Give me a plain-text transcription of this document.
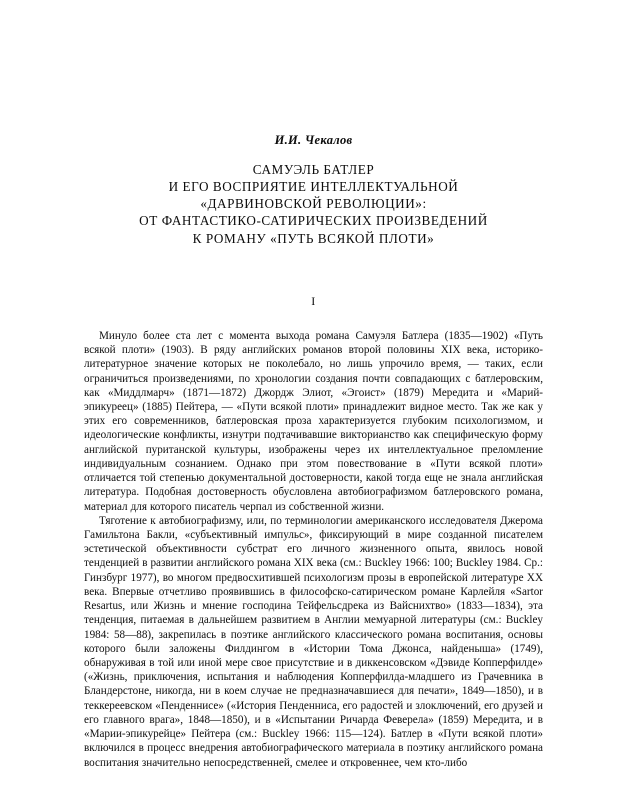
И.И. Чекалов
САМУЭЛЬ БАТЛЕР
И ЕГО ВОСПРИЯТИЕ ИНТЕЛЛЕКТУАЛЬНОЙ
«ДАРВИНОВСКОЙ РЕВОЛЮЦИИ»:
ОТ ФАНТАСТИКО-САТИРИЧЕСКИХ ПРОИЗВЕДЕНИЙ
К РОМАНУ «ПУТЬ ВСЯКОЙ ПЛОТИ»
I

Минуло более ста лет с момента выхода романа Самуэля Батлера (1835—1902) «Путь всякой плоти» (1903). В ряду английских романов второй половины XIX века, историко-литературное значение которых не поколебало, но лишь упрочило время, — таких, если ограничиться произведениями, по хронологии создания почти совпадающих с батлеровским, как «Миддлмарч» (1871—1872) Джордж Элиот, «Эгоист» (1879) Мередита и «Марий-эпикуреец» (1885) Пейтера, — «Пути всякой плоти» принадлежит видное место. Так же как у этих его современников, батлеровская проза характеризуется глубоким психологизмом, и идеологические конфликты, изнутри подтачивавшие викторианство как специфическую форму английской пуританской культуры, изображены через их интеллектуальное преломление индивидуальным сознанием. Однако при этом повествование в «Пути всякой плоти» отличается той степенью документальной достоверности, какой тогда еще не знала английская литература. Подобная достоверность обусловлена автобиографизмом батлеровского романа, материал для которого писатель черпал из собственной жизни.

Тяготение к автобиографизму, или, по терминологии американского исследователя Джерома Гамильтона Бакли, «субъективный импульс», фиксирующий в мире созданной писателем эстетической объективности субстрат его личного жизненного опыта, явилось новой тенденцией в развитии английского романа XIX века (см.: Buckley 1966: 100; Buckley 1984. Ср.: Гинзбург 1977), во многом предвосхитившей психологизм прозы в европейской литературе XX века. Впервые отчетливо проявившись в философско-сатирическом романе Карлейля «Sartor Resartus, или Жизнь и мнение господина Тейфельсдрека из Вайснихтво» (1833—1834), эта тенденция, питаемая в дальнейшем развитием в Англии мемуарной литературы (см.: Buckley 1984: 58—88), закрепилась в поэтике английского классического романа воспитания, основы которого были заложены Филдингом в «Истории Тома Джонса, найденыша» (1749), обнаруживая в той или иной мере свое присутствие и в диккенсовском «Дэвиде Копперфилде» («Жизнь, приключения, испытания и наблюдения Копперфилда-младшего из Грачевника в Бландерстоне, никогда, ни в коем случае не предназначавшиеся для печати», 1849—1850), и в теккереевском «Пенденнисе» («История Пенденниса, его радостей и злоключений, его друзей и его главного врага», 1848—1850), и в «Испытании Ричарда Феверела» (1859) Мередита, и в «Марии-эпикурейце» Пейтера (см.: Buckley 1966: 115—124). Батлер в «Пути всякой плоти» включился в процесс внедрения автобиографического материала в поэтику английского романа воспитания значительно непосредственней, смелее и откровеннее, чем кто-либо
